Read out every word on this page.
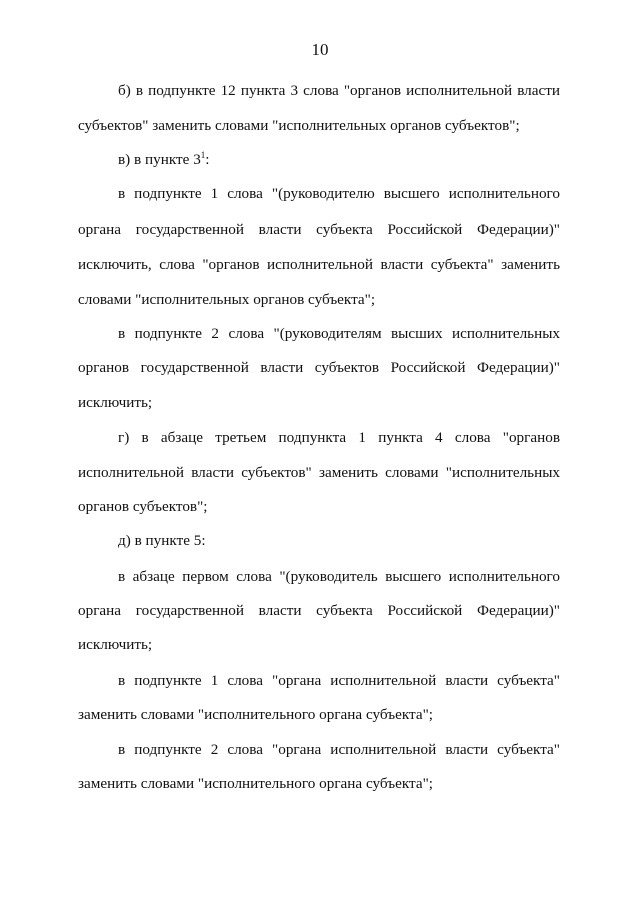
10
б) в подпункте 12 пункта 3 слова "органов исполнительной власти
субъектов" заменить словами "исполнительных органов субъектов";
в) в пункте $3^1$:
в подпункте 1 слова "(руководителю высшего исполнительного
органа государственной власти субъекта Российской Федерации)"
исключить, слова "органов исполнительной власти субъекта" заменить
словами "исполнительных органов субъекта";
в подпункте 2 слова "(руководителям высших исполнительных
органов государственной власти субъектов Российской Федерации)"
исключить;
г) в абзаце третьем подпункта 1 пункта 4 слова "органов
исполнительной власти субъектов" заменить словами "исполнительных
органов субъектов";
д) в пункте 5:
в абзаце первом слова "(руководитель высшего исполнительного
органа государственной власти субъекта Российской Федерации)"
исключить;
в подпункте 1 слова "органа исполнительной власти субъекта"
заменить словами "исполнительного органа субъекта";
в подпункте 2 слова "органа исполнительной власти субъекта"
заменить словами "исполнительного органа субъекта";
